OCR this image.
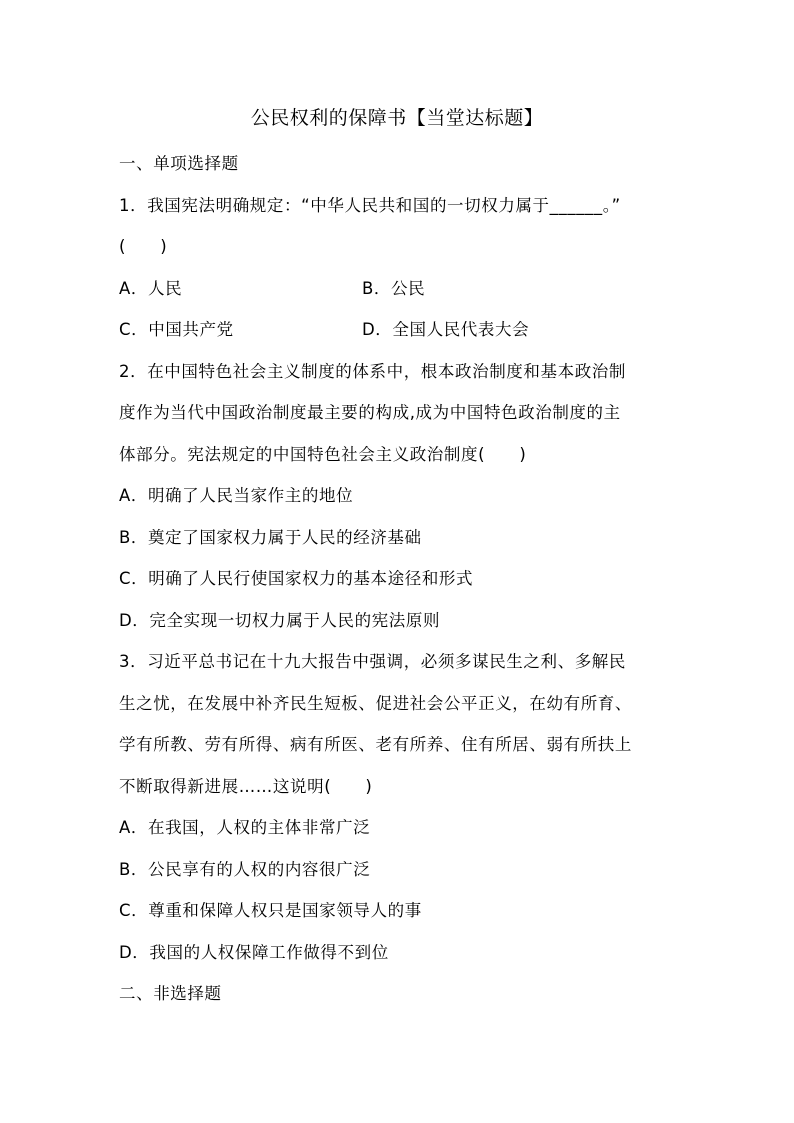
公民权利的保障书【当堂达标题】
一、单项选择题
1．我国宪法明确规定：“中华人民共和国的一切权力属于______。”
(　　)
A．人民	B．公民
C．中国共产党	D．全国人民代表大会
2．在中国特色社会主义制度的体系中，根本政治制度和基本政治制
度作为当代中国政治制度最主要的构成,成为中国特色政治制度的主
体部分。宪法规定的中国特色社会主义政治制度(　　)
A．明确了人民当家作主的地位
B．奠定了国家权力属于人民的经济基础
C．明确了人民行使国家权力的基本途径和形式
D．完全实现一切权力属于人民的宪法原则
3．习近平总书记在十九大报告中强调，必须多谋民生之利、多解民
生之忧，在发展中补齐民生短板、促进社会公平正义，在幼有所育、
学有所教、劳有所得、病有所医、老有所养、住有所居、弱有所扶上
不断取得新进展……这说明(　　)
A．在我国，人权的主体非常广泛
B．公民享有的人权的内容很广泛
C．尊重和保障人权只是国家领导人的事
D．我国的人权保障工作做得不到位
二、非选择题
